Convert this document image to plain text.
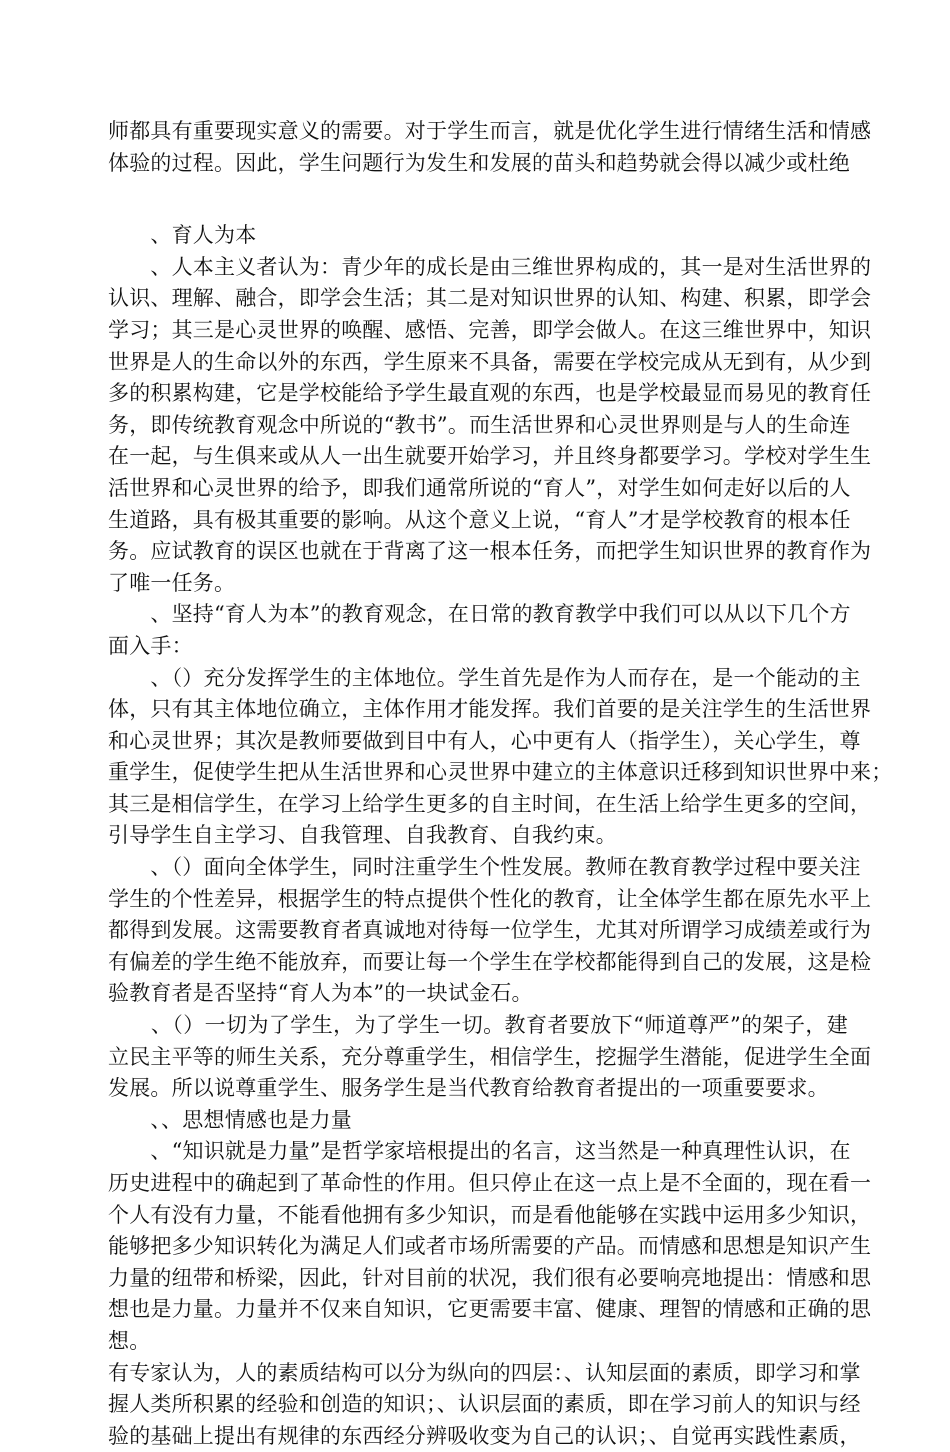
师都具有重要现实意义的需要。对于学生而言，就是优化学生进行情绪生活和情感
体验的过程。因此，学生问题行为发生和发展的苗头和趋势就会得以减少或杜绝
　　、育人为本
　　、人本主义者认为：青少年的成长是由三维世界构成的，其一是对生活世界的
认识、理解、融合，即学会生活；其二是对知识世界的认知、构建、积累，即学会
学习；其三是心灵世界的唤醒、感悟、完善，即学会做人。在这三维世界中，知识
世界是人的生命以外的东西，学生原来不具备，需要在学校完成从无到有，从少到
多的积累构建，它是学校能给予学生最直观的东西，也是学校最显而易见的教育任
务，即传统教育观念中所说的“教书”。而生活世界和心灵世界则是与人的生命连
在一起，与生俱来或从人一出生就要开始学习，并且终身都要学习。学校对学生生
活世界和心灵世界的给予，即我们通常所说的“育人”，对学生如何走好以后的人
生道路，具有极其重要的影响。从这个意义上说，“育人”才是学校教育的根本任
务。应试教育的误区也就在于背离了这一根本任务，而把学生知识世界的教育作为
了唯一任务。
　　、坚持“育人为本”的教育观念，在日常的教育教学中我们可以从以下几个方
面入手：
　　、（）充分发挥学生的主体地位。学生首先是作为人而存在，是一个能动的主
体，只有其主体地位确立，主体作用才能发挥。我们首要的是关注学生的生活世界
和心灵世界；其次是教师要做到目中有人，心中更有人（指学生），关心学生，尊
重学生，促使学生把从生活世界和心灵世界中建立的主体意识迁移到知识世界中来；
其三是相信学生，在学习上给学生更多的自主时间，在生活上给学生更多的空间，
引导学生自主学习、自我管理、自我教育、自我约束。
　　、（）面向全体学生，同时注重学生个性发展。教师在教育教学过程中要关注
学生的个性差异，根据学生的特点提供个性化的教育，让全体学生都在原先水平上
都得到发展。这需要教育者真诚地对待每一位学生，尤其对所谓学习成绩差或行为
有偏差的学生绝不能放弃，而要让每一个学生在学校都能得到自己的发展，这是检
验教育者是否坚持“育人为本”的一块试金石。
　　、（）一切为了学生，为了学生一切。教育者要放下“师道尊严”的架子，建
立民主平等的师生关系，充分尊重学生，相信学生，挖掘学生潜能，促进学生全面
发展。所以说尊重学生、服务学生是当代教育给教育者提出的一项重要要求。
　　、、思想情感也是力量
　　、“知识就是力量”是哲学家培根提出的名言，这当然是一种真理性认识，在
历史进程中的确起到了革命性的作用。但只停止在这一点上是不全面的，现在看一
个人有没有力量，不能看他拥有多少知识，而是看他能够在实践中运用多少知识，
能够把多少知识转化为满足人们或者市场所需要的产品。而情感和思想是知识产生
力量的纽带和桥梁，因此，针对目前的状况，我们很有必要响亮地提出：情感和思
想也是力量。力量并不仅来自知识，它更需要丰富、健康、理智的情感和正确的思
想。
有专家认为，人的素质结构可以分为纵向的四层：、认知层面的素质，即学习和掌
握人类所积累的经验和创造的知识；、认识层面的素质，即在学习前人的知识与经
验的基础上提出有规律的东西经分辨吸收变为自己的认识；、自觉再实践性素质，
